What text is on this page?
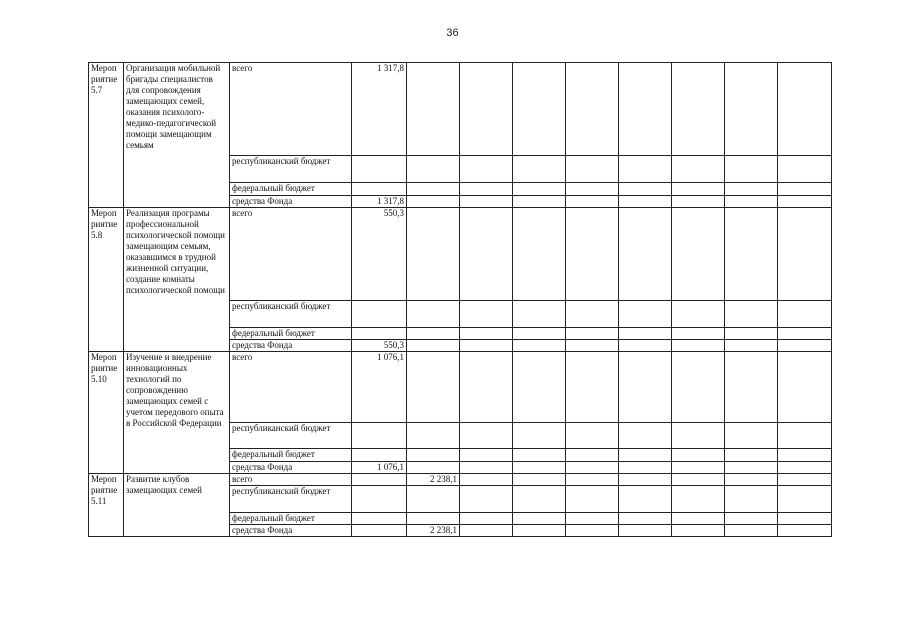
36
Мероп риятие 5.7	Организация мобильной бригады специалистов для сопровождения замещающих семей, оказания психолого-медико-педагогической помощи замещающим семьям	всего	1 317,8								
		республиканский бюджет									
		федеральный бюджет									
		средства Фонда	1 317,8								
Мероп риятие 5.8	Реализация програмы профессиональной психологической помощи замещающим семьям, оказавшимся в трудной жизненной ситуации, создание комнаты психологической помощи	всего	550,3								
		республиканский бюджет									
		федеральный бюджет									
		средства Фонда	550,3								
Мероп риятие 5.10	Изучение и внедрение инновационных технологий по сопровождению замещающих семей с учетом передового опыта в Российской Федерации	всего	1 076,1								
		республиканский бюджет									
		федеральный бюджет									
		средства Фонда	1 076,1								
Мероп риятие 5.11	Развитие клубов замещающих семей	всего		2 238,1							
		республиканский бюджет									
		федеральный бюджет									
		средства Фонда		2 238,1							
